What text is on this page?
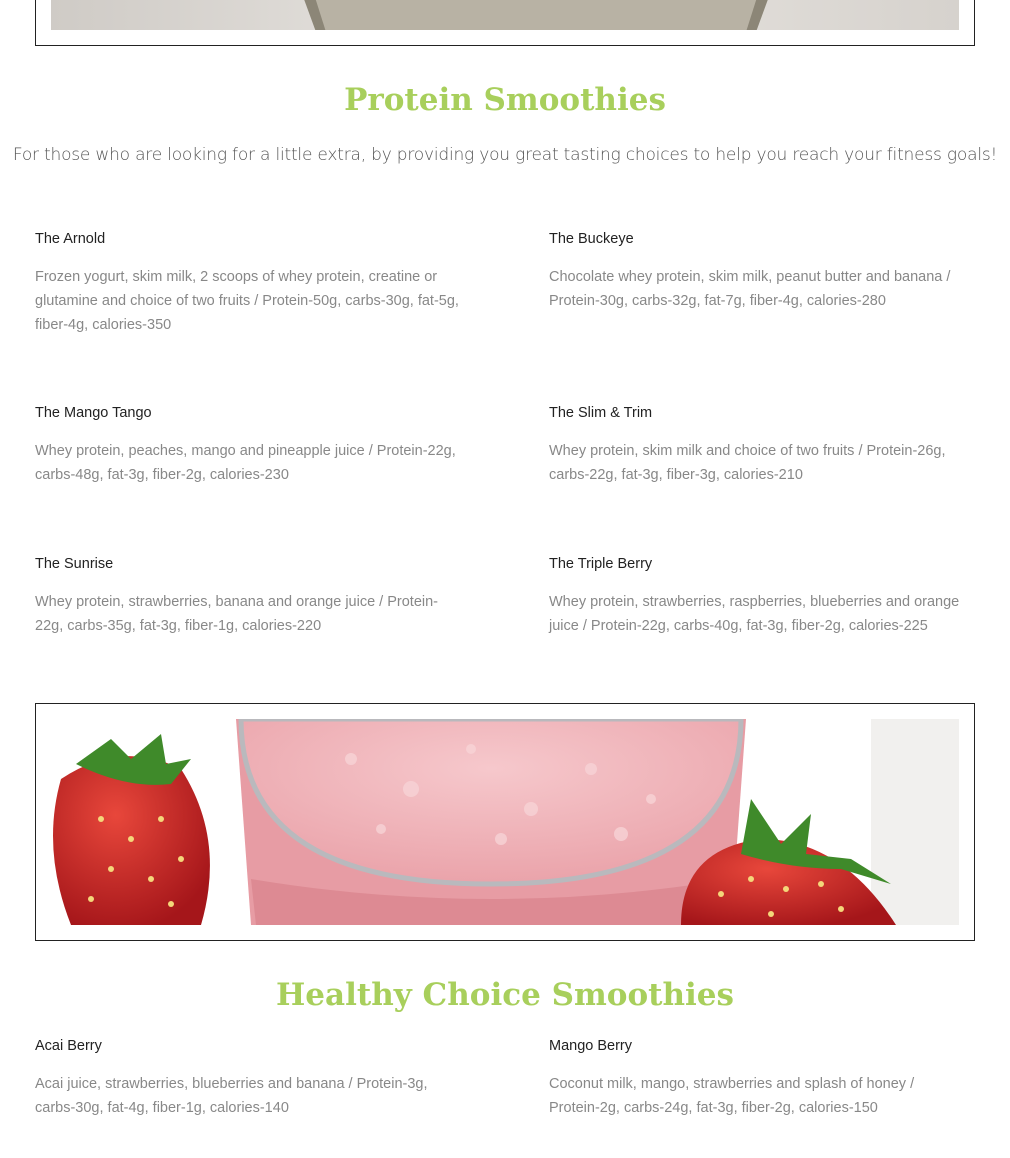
Protein Smoothies
For those who are looking for a little extra, by providing you great tasting choices to help you reach your fitness goals!

The Arnold

Frozen yogurt, skim milk, 2 scoops of whey protein, creatine or glutamine and choice of two fruits / Protein-50g, carbs-30g, fat-5g, fiber-4g, calories-350

The Buckeye

Chocolate whey protein, skim milk, peanut butter and banana / Protein-30g, carbs-32g, fat-7g, fiber-4g, calories-280

The Mango Tango

Whey protein, peaches, mango and pineapple juice / Protein-22g, carbs-48g, fat-3g, fiber-2g, calories-230

The Slim & Trim

Whey protein, skim milk and choice of two fruits / Protein-26g, carbs-22g, fat-3g, fiber-3g, calories-210

The Sunrise

Whey protein, strawberries, banana and orange juice / Protein-22g, carbs-35g, fat-3g, fiber-1g, calories-220

The Triple Berry

Whey protein, strawberries, raspberries, blueberries and orange juice / Protein-22g, carbs-40g, fat-3g, fiber-2g, calories-225

Healthy Choice Smoothies

Acai Berry

Acai juice, strawberries, blueberries and banana / Protein-3g, carbs-30g, fat-4g, fiber-1g, calories-140

Mango Berry

Coconut milk, mango, strawberries and splash of honey / Protein-2g, carbs-24g, fat-3g, fiber-2g, calories-150
